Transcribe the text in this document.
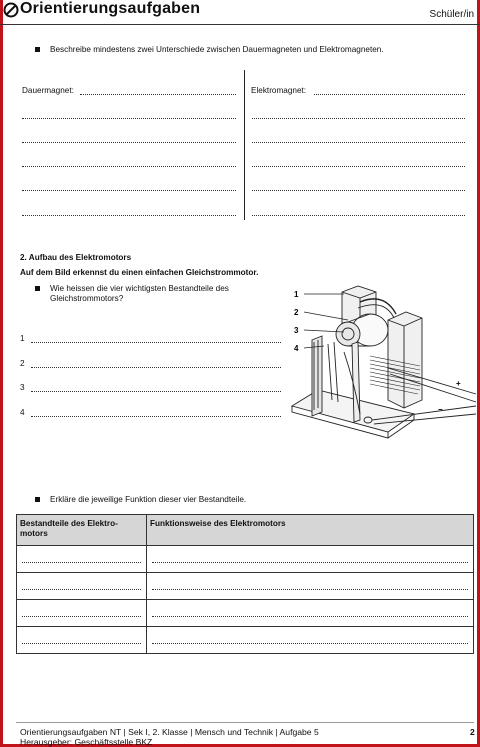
Orientierungsaufgaben	Schüler/in
Beschreibe mindestens zwei Unterschiede zwischen Dauermagneten und Elektromagneten.
Dauermagnet:	Elektromagnet:
2. Aufbau des Elektromotors
Auf dem Bild erkennst du einen einfachen Gleichstrommotor.
Wie heissen die vier wichtigsten Bestandteile des
Gleichstrommotors?
1
2
3
4
1
2
3
4
+
−
Erkläre die jeweilige Funktion dieser vier Bestandteile.
Bestandteile des Elektro-
motors	Funktionsweise des Elektromotors

Orientierungsaufgaben NT | Sek I, 2. Klasse | Mensch und Technik | Aufgabe 5
Herausgeber: Geschäftsstelle BKZ
2
